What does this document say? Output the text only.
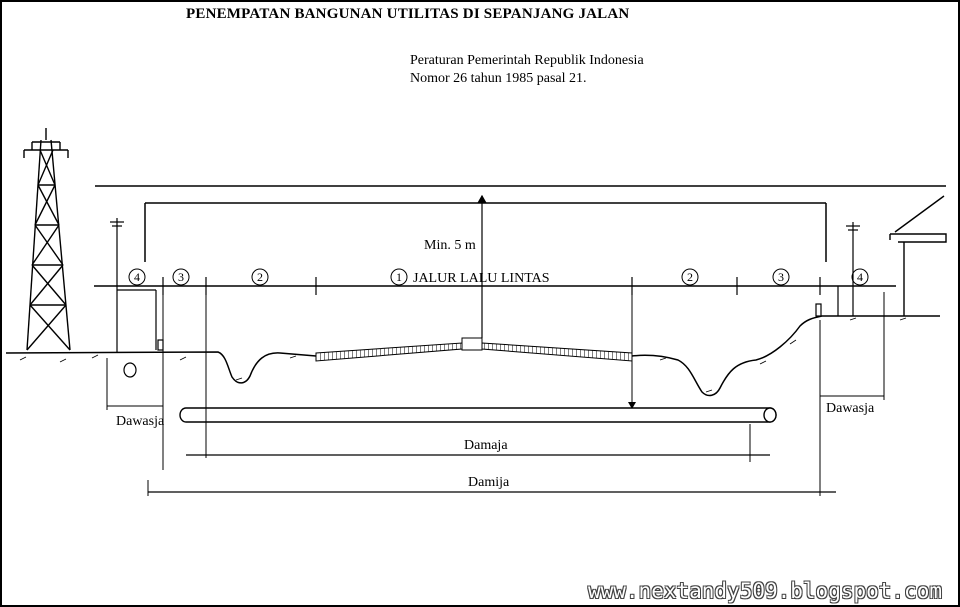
PENEMPATAN BANGUNAN UTILITAS DI SEPANJANG JALAN
Peraturan Pemerintah Republik Indonesia
Nomor 26 tahun 1985 pasal 21.
Min. 5 m
4	3	2	1 JALUR LALU LINTAS	2	3	4
Dawasja
Dawasja
Damaja
Damija
www.nextandy509.blogspot.com
